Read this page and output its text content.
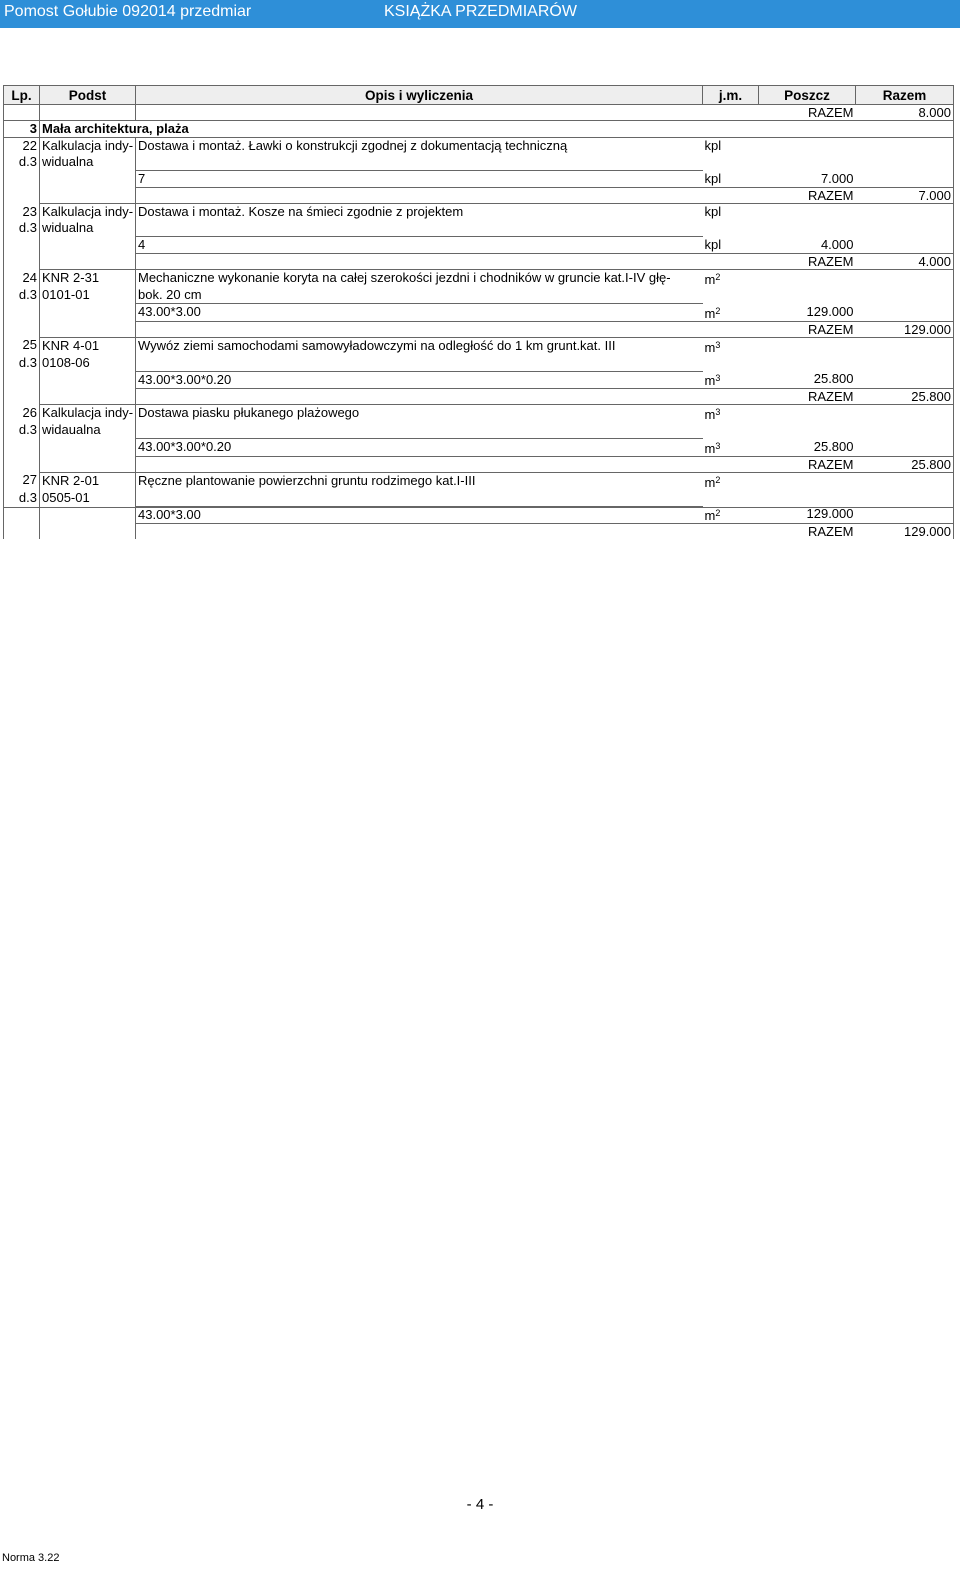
Pomost Gołubie 092014 przedmiar	KSIĄŻKA PRZEDMIARÓW
Lp.	Podst	Opis i wyliczenia	j.m.	Poszcz	Razem
				RAZEM	8.000
3	Mała architektura, plaża				
22	Kalkulacja indy-	Dostawa i montaż. Ławki o konstrukcji zgodnej z dokumentacją techniczną	kpl		
d.3	widualna				
		7	kpl	7.000	
				RAZEM	7.000
23	Kalkulacja indy-	Dostawa i montaż. Kosze na śmieci zgodnie z projektem	kpl		
d.3	widualna				
		4	kpl	4.000	
				RAZEM	4.000
24	KNR 2-31	Mechaniczne wykonanie koryta na całej szerokości jezdni i chodników w gruncie kat.I-IV głę-	$m^2$		
d.3	0101-01	bok. 20 cm			
		43.00*3.00	$m^2$	129.000	
				RAZEM	129.000
25	KNR 4-01	Wywóz ziemi samochodami samowyładowczymi na odległość do 1 km grunt.kat. III	$m^3$		
d.3	0108-06				
		43.00*3.00*0.20	$m^3$	25.800	
				RAZEM	25.800
26	Kalkulacja indy-	Dostawa piasku płukanego plażowego	$m^3$		
d.3	widaualna				
		43.00*3.00*0.20	$m^3$	25.800	
				RAZEM	25.800
27	KNR 2-01	Ręczne plantowanie powierzchni gruntu rodzimego kat.I-III	$m^2$		
d.3	0505-01				
		43.00*3.00	$m^2$	129.000	
				RAZEM	129.000
- 4 -
Norma 3.22
